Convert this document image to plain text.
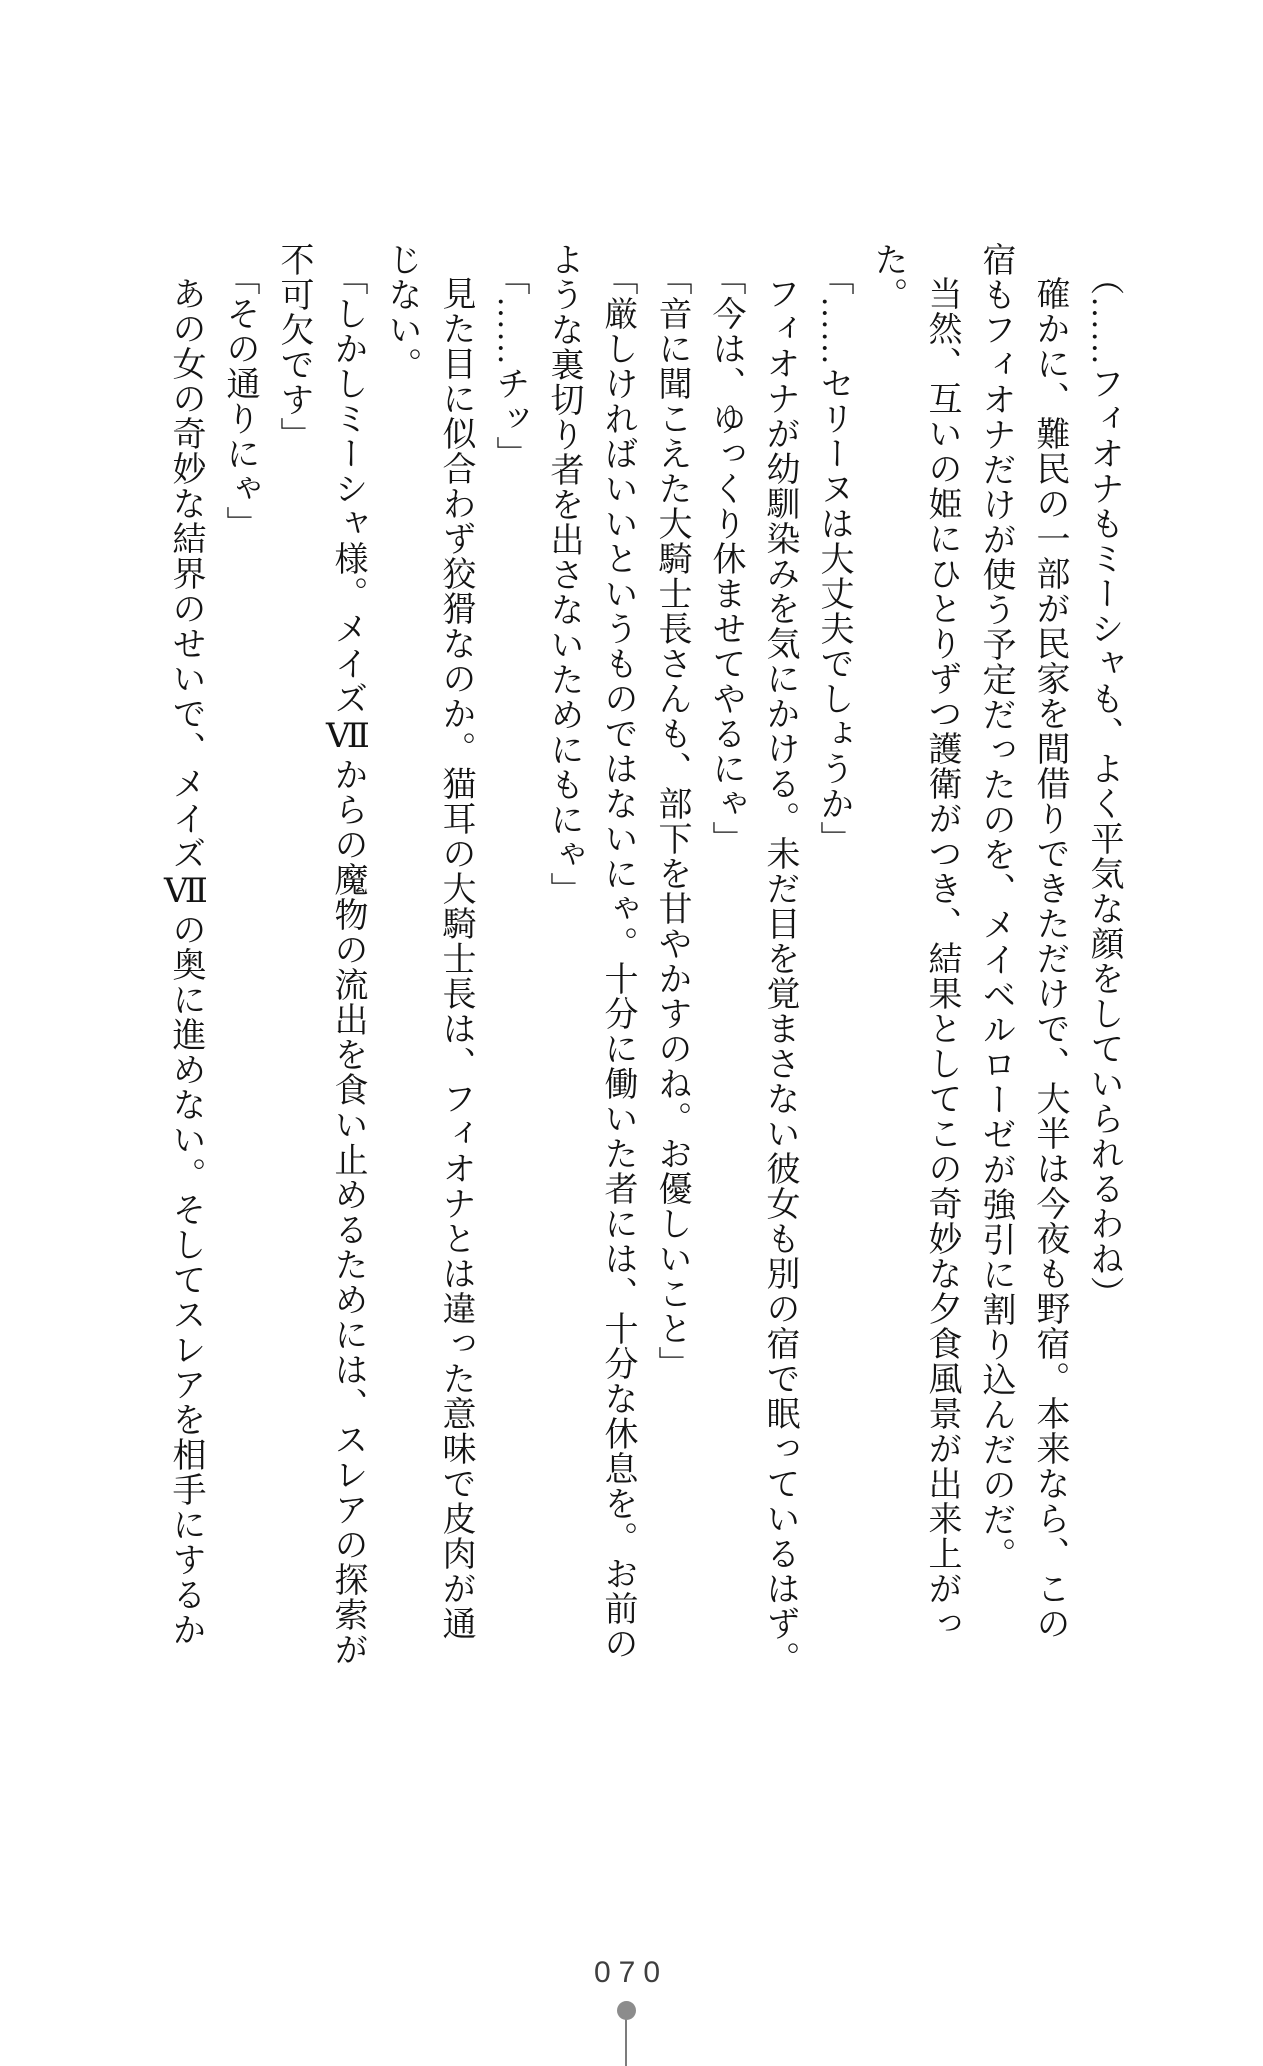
（……フィオナもミーシャも、よく平気な顔をしていられるわね）
確かに、難民の一部が民家を間借りできただけで、大半は今夜も野宿。本来なら、この
宿もフィオナだけが使う予定だったのを、メイベルローゼが強引に割り込んだのだ。
当然、互いの姫にひとりずつ護衛がつき、結果としてこの奇妙な夕食風景が出来上がっ
た。
「……セリーヌは大丈夫でしょうか」
フィオナが幼馴染みを気にかける。未だ目を覚まさない彼女も別の宿で眠っているはず。
「今は、ゆっくり休ませてやるにゃ」
「音に聞こえた大騎士長さんも、部下を甘やかすのね。お優しいこと」
「厳しければいいというものではないにゃ。十分に働いた者には、十分な休息を。お前の
ような裏切り者を出さないためにもにゃ」
「……チッ」
見た目に似合わず狡猾なのか。猫耳の大騎士長は、フィオナとは違った意味で皮肉が通
じない。
「しかしミーシャ様。メイズⅦからの魔物の流出を食い止めるためには、スレアの探索が
不可欠です」
「その通りにゃ」
あの女の奇妙な結界のせいで、メイズⅦの奥に進めない。そしてスレアを相手にするか
070
